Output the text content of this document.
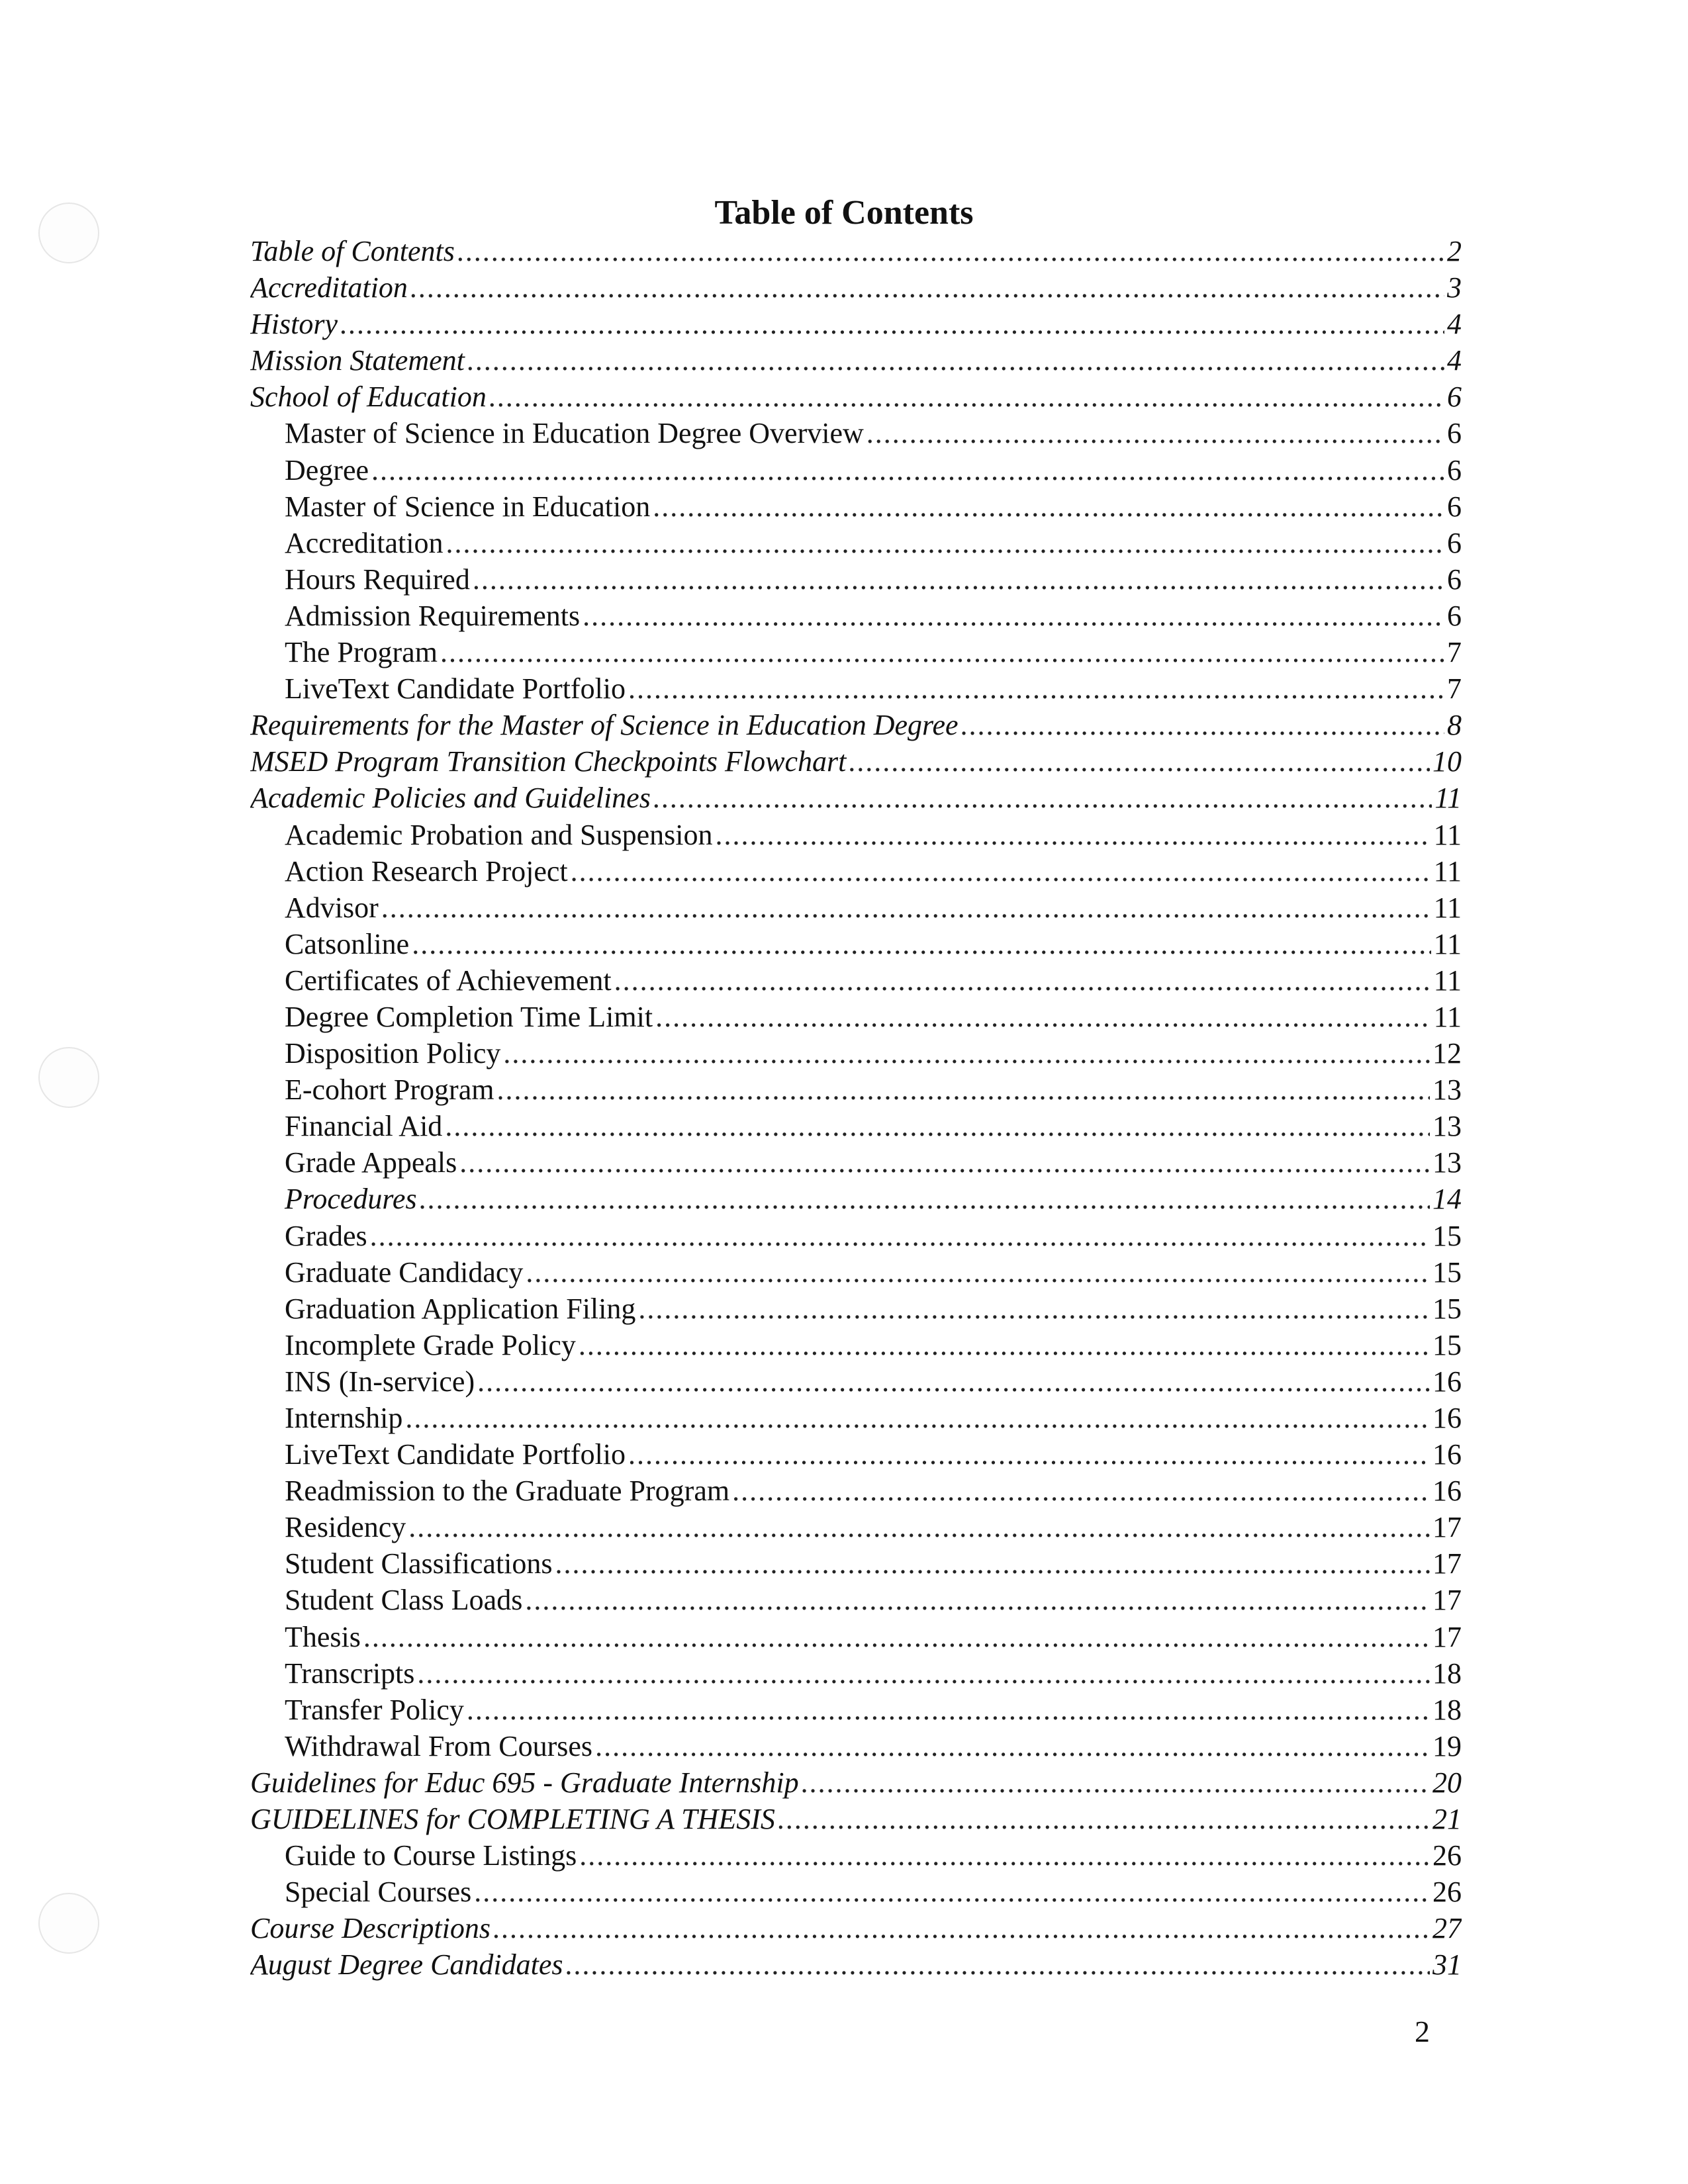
Table of Contents
Table of Contents .....	2
Accreditation .....	3
History .....	4
Mission Statement .....	4
School of Education .....	6
Master of Science in Education Degree Overview .....	6
Degree .....	6
Master of Science in Education .....	6
Accreditation .....	6
Hours Required .....	6
Admission Requirements .....	6
The Program .....	7
LiveText Candidate Portfolio .....	7
Requirements for the Master of Science in Education Degree .....	8
MSED Program Transition Checkpoints Flowchart .....	10
Academic Policies and Guidelines .....	11
Academic Probation and Suspension .....	11
Action Research Project .....	11
Advisor .....	11
Catsonline .....	11
Certificates of Achievement .....	11
Degree Completion Time Limit .....	11
Disposition Policy .....	12
E-cohort Program .....	13
Financial Aid .....	13
Grade Appeals .....	13
Procedures .....	14
Grades .....	15
Graduate Candidacy .....	15
Graduation Application Filing .....	15
Incomplete Grade Policy .....	15
INS (In-service) .....	16
Internship .....	16
LiveText Candidate Portfolio .....	16
Readmission to the Graduate Program .....	16
Residency .....	17
Student Classifications .....	17
Student Class Loads .....	17
Thesis .....	17
Transcripts .....	18
Transfer Policy .....	18
Withdrawal From Courses .....	19
Guidelines for Educ 695 - Graduate Internship .....	20
GUIDELINES for COMPLETING A THESIS .....	21
Guide to Course Listings .....	26
Special Courses .....	26
Course Descriptions .....	27
August Degree Candidates .....	31
2
